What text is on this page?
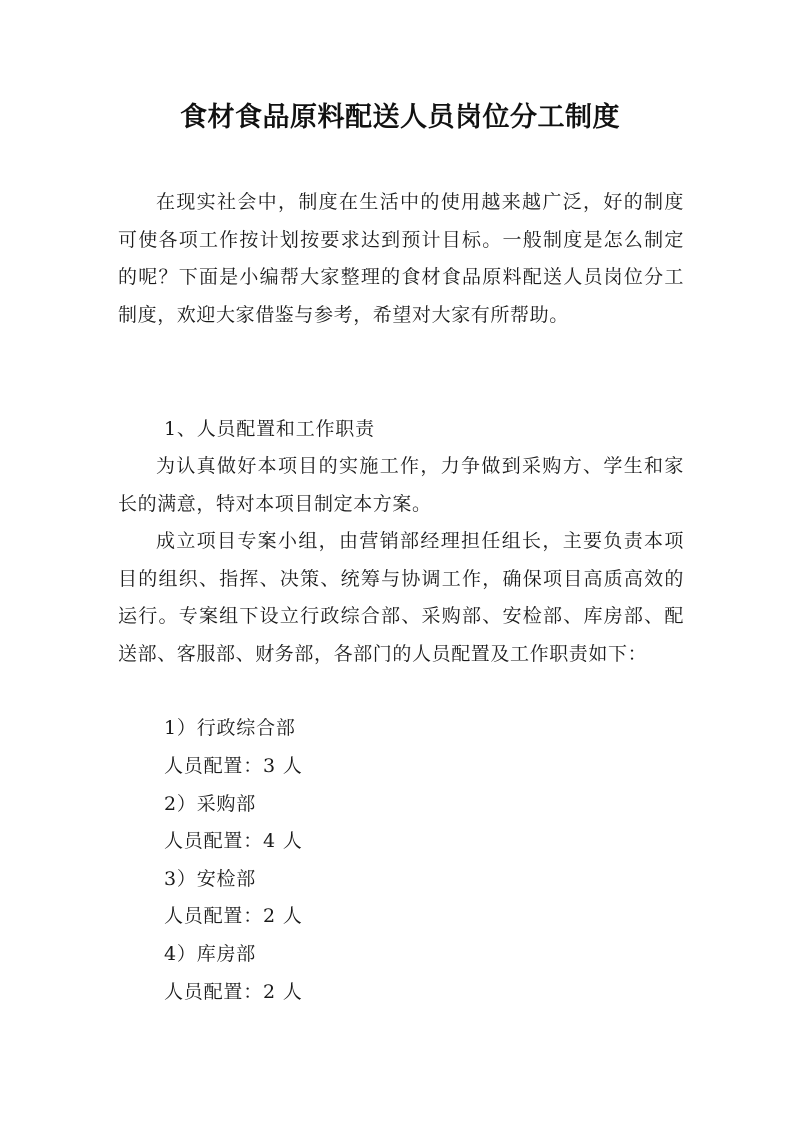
食材食品原料配送人员岗位分工制度

在现实社会中，制度在生活中的使用越来越广泛，好的制度可使各项工作按计划按要求达到预计目标。一般制度是怎么制定的呢？下面是小编帮大家整理的食材食品原料配送人员岗位分工制度，欢迎大家借鉴与参考，希望对大家有所帮助。

1、人员配置和工作职责

为认真做好本项目的实施工作，力争做到采购方、学生和家长的满意，特对本项目制定本方案。

成立项目专案小组，由营销部经理担任组长，主要负责本项目的组织、指挥、决策、统筹与协调工作，确保项目高质高效的运行。专案组下设立行政综合部、采购部、安检部、库房部、配送部、客服部、财务部，各部门的人员配置及工作职责如下：

1）行政综合部

人员配置：3 人

2）采购部

人员配置：4 人

3）安检部

人员配置：2 人

4）库房部

人员配置：2 人
